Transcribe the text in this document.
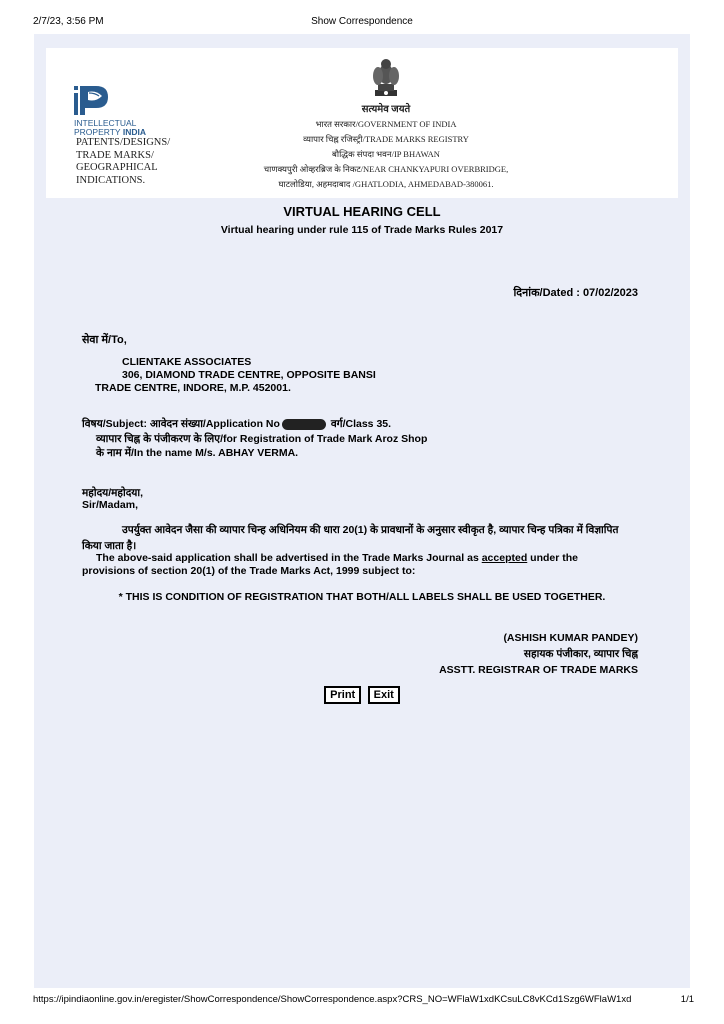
2/7/23, 3:56 PM	Show Correspondence
INTELLECTUAL
PROPERTY INDIA
PATENTS/DESIGNS/
TRADE MARKS/
GEOGRAPHICAL
INDICATIONS.
सत्यमेव जयते
भारत सरकार/GOVERNMENT OF INDIA
व्यापार चिह्न रजिस्ट्री/TRADE MARKS REGISTRY
बौद्धिक संपदा भवन/IP BHAWAN
चाणक्यपुरी ओव्हरब्रिज के निकट/NEAR CHANKYAPURI OVERBRIDGE,
घाटलोडिया, अहमदाबाद /GHATLODIA, AHMEDABAD-380061.
VIRTUAL HEARING CELL
Virtual hearing under rule 115 of Trade Marks Rules 2017
दिनांक/Dated : 07/02/2023
सेवा में/To,
CLIENTAKE ASSOCIATES
306, DIAMOND TRADE CENTRE, OPPOSITE BANSI
TRADE CENTRE, INDORE, M.P. 452001.
विषय/Subject: आवेदन संख्या/Application No	वर्ग/Class 35.
व्यापार चिह्न के पंजीकरण के लिए/for Registration of Trade Mark Aroz Shop
के नाम में/In the name M/s. ABHAY VERMA.
महोदय/महोदया,
Sir/Madam,
उपर्युक्त आवेदन जैसा की व्यापार चिन्ह अधिनियम की धारा 20(1) के प्रावधानों के अनुसार स्वीकृत है, व्यापार चिन्ह पत्रिका में विज्ञापित किया जाता है।
The above-said application shall be advertised in the Trade Marks Journal as accepted under the
provisions of section 20(1) of the Trade Marks Act, 1999 subject to:
* THIS IS CONDITION OF REGISTRATION THAT BOTH/ALL LABELS SHALL BE USED TOGETHER.
(ASHISH KUMAR PANDEY)
सहायक पंजीकार, व्यापार चिह्न
ASSTT. REGISTRAR OF TRADE MARKS
Print Exit
https://ipindiaonline.gov.in/eregister/ShowCorrespondence/ShowCorrespondence.aspx?CRS_NO=WFlaW1xdKCsuLC8vKCd1Szg6WFlaW1xd	1/1
